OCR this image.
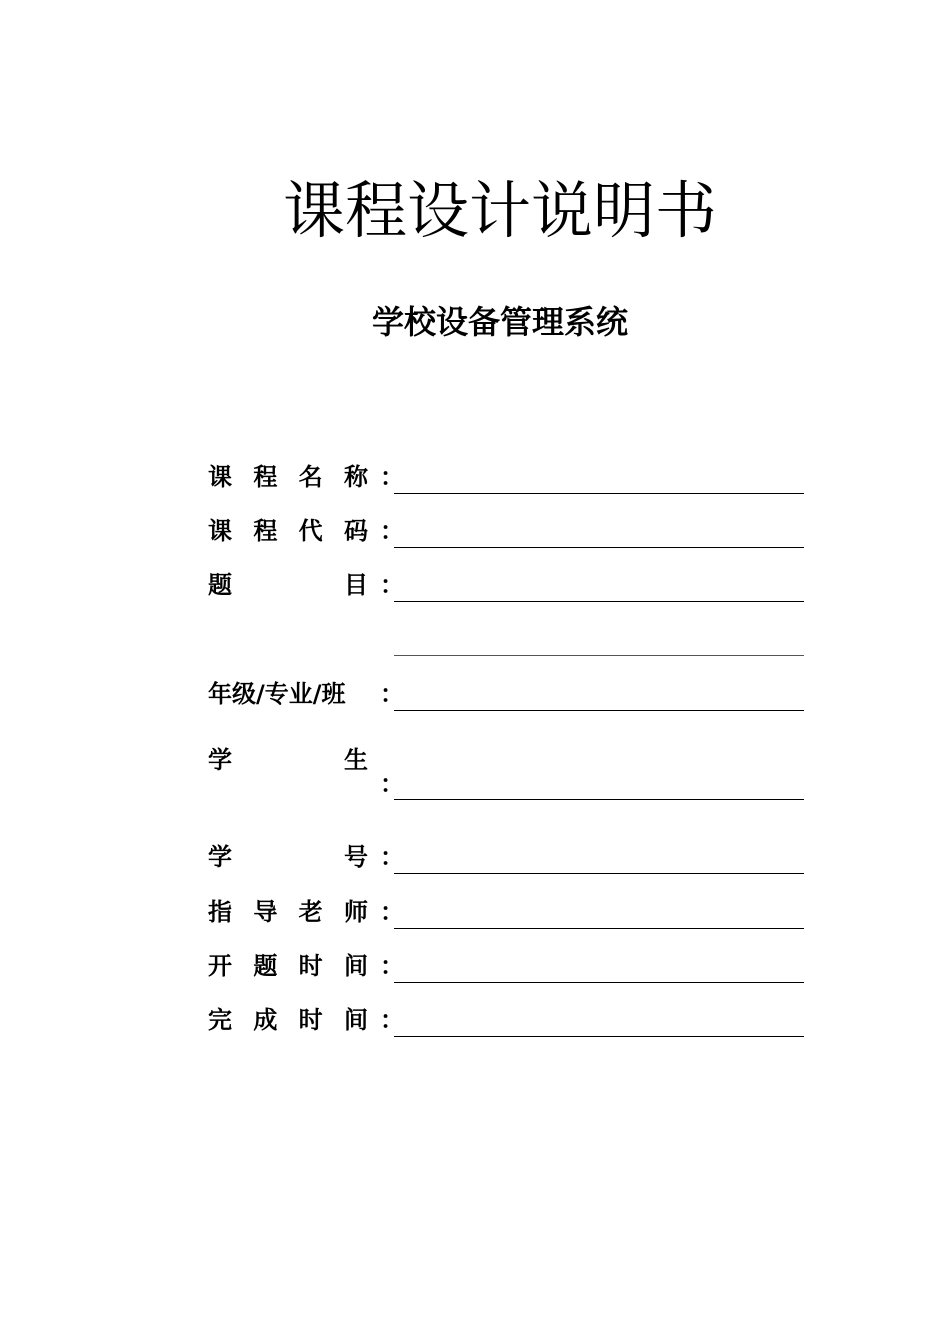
课程设计说明书
学校设备管理系统
课 程 名 称 ：
课 程 代 码 ：
题	目 ：
年级/专业/班	：
学	生
：
学	号 ：
指 导 老 师 ：
开 题 时 间 ：
完 成 时 间 ：
